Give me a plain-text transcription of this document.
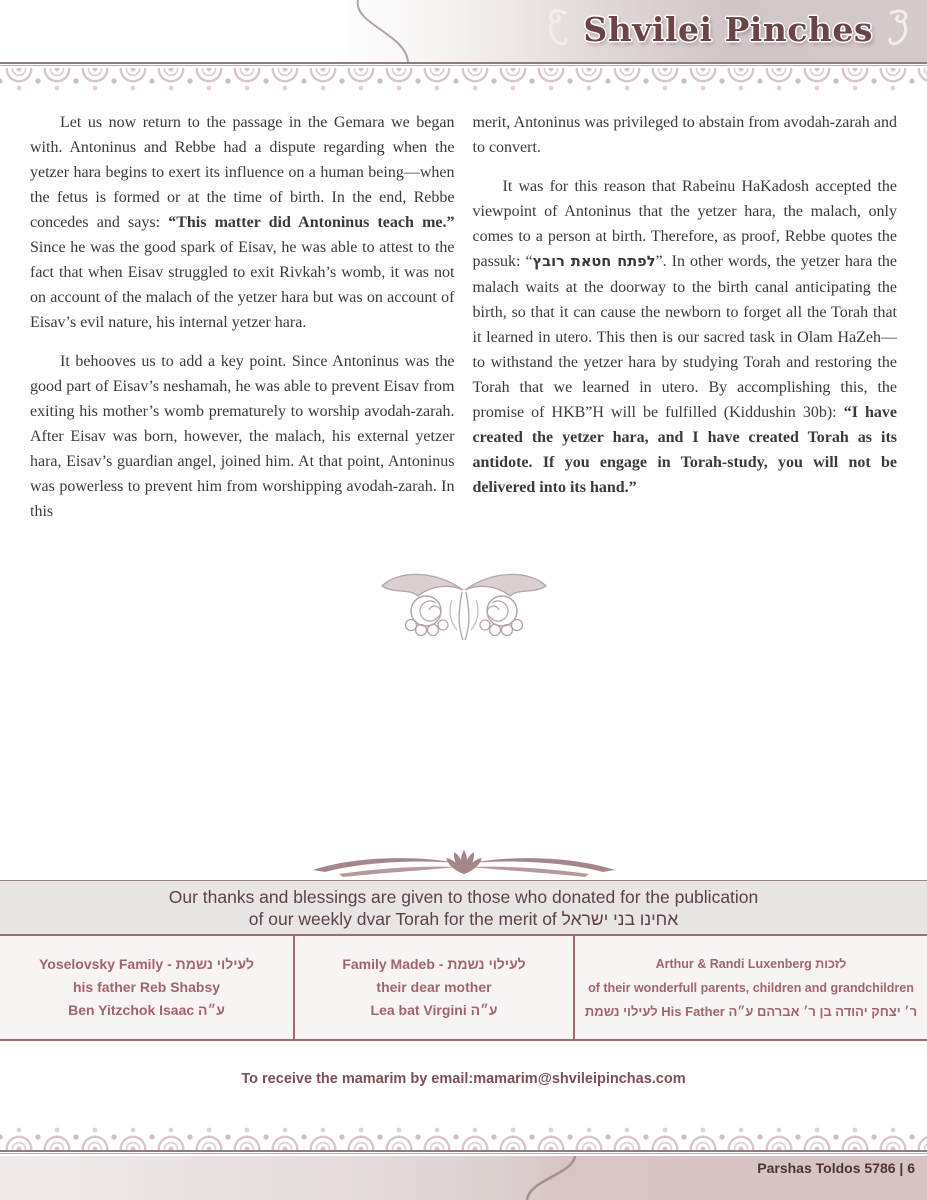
Shvilei Pinches

Let us now return to the passage in the Gemara we began with. Antoninus and Rebbe had a dispute regarding when the yetzer hara begins to exert its influence on a human being—when the fetus is formed or at the time of birth. In the end, Rebbe concedes and says: “This matter did Antoninus teach me.” Since he was the good spark of Eisav, he was able to attest to the fact that when Eisav struggled to exit Rivkah’s womb, it was not on account of the malach of the yetzer hara but was on account of Eisav’s evil nature, his internal yetzer hara.

It behooves us to add a key point. Since Antoninus was the good part of Eisav’s neshamah, he was able to prevent Eisav from exiting his mother’s womb prematurely to worship avodah-zarah. After Eisav was born, however, the malach, his external yetzer hara, Eisav’s guardian angel, joined him. At that point, Antoninus was powerless to prevent him from worshipping avodah-zarah. In this

merit, Antoninus was privileged to abstain from avodah-zarah and to convert.

It was for this reason that Rabeinu HaKadosh accepted the viewpoint of Antoninus that the yetzer hara, the malach, only comes to a person at birth. Therefore, as proof, Rebbe quotes the passuk: “לפתח חטאת רובץ”. In other words, the yetzer hara the malach waits at the doorway to the birth canal anticipating the birth, so that it can cause the newborn to forget all the Torah that it learned in utero. This then is our sacred task in Olam HaZeh—to withstand the yetzer hara by studying Torah and restoring the Torah that we learned in utero. By accomplishing this, the promise of HKB”H will be fulfilled (Kiddushin 30b): “I have created the yetzer hara, and I have created Torah as its antidote. If you engage in Torah-study, you will not be delivered into its hand.”

Our thanks and blessings are given to those who donated for the publication
of our weekly dvar Torah for the merit of אחינו בני ישראל
Yoselovsky Family - לעילוי נשמת
his father Reb Shabsy
Ben Yitzchok Isaac ע״ה
Family Madeb - לעילוי נשמת
their dear mother
Lea bat Virgini ע״ה
Arthur & Randi Luxenberg לזכות
of their wonderfull parents, children and grandchildren
לעילוי נשמת His Father ר׳ יצחק יהודה בן ר׳ אברהם ע״ה
To receive the mamarim by email: mamarim@shvileipinchas.com
Parshas Toldos 5786 | 6
